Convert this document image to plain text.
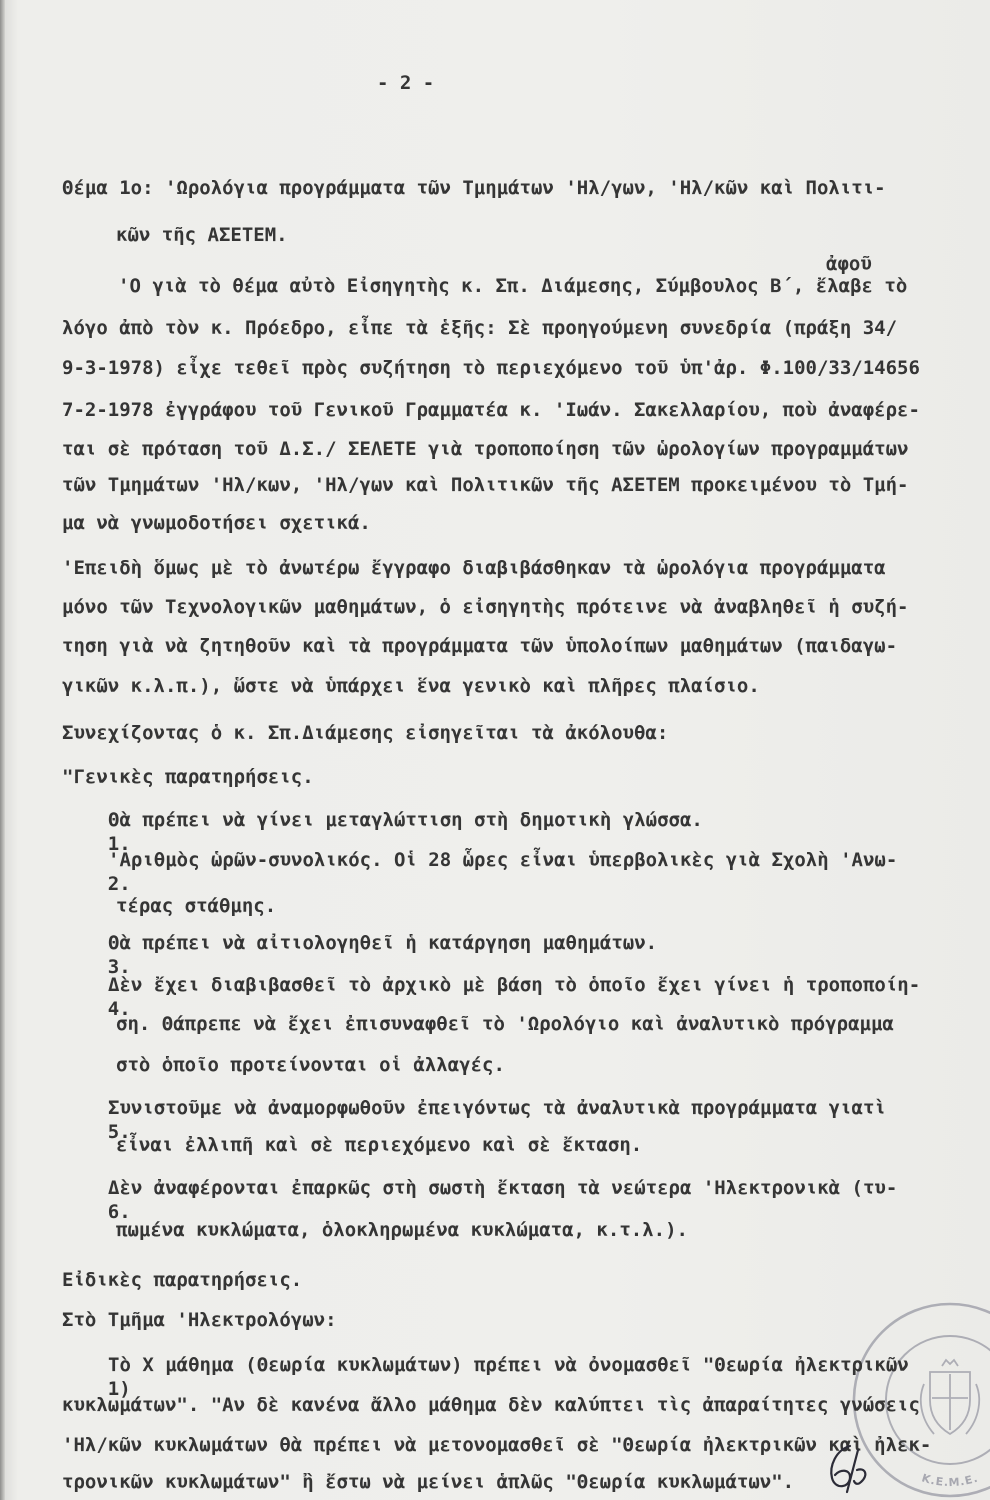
- 2 -
Θέμα 1ο: 'Ωρολόγια προγράμματα τῶν Τμημάτων 'Ηλ/γων, 'Ηλ/κῶν καὶ Πολιτι-
κῶν τῆς ΑΣΕΤΕΜ.
ἀφοῦ
'Ο γιὰ τὸ θέμα αὐτὸ Εἰσηγητὴς κ. Σπ. Διάμεσης, Σύμβουλος Β΄, ἔλαβε τὸ
λόγο ἀπὸ τὸν κ. Πρόεδρο, εἶπε τὰ ἑξῆς: Σὲ προηγούμενη συνεδρία (πράξη 34/
9-3-1978) εἶχε τεθεῖ πρὸς συζήτηση τὸ περιεχόμενο τοῦ ὑπ'ἀρ. Φ.100/33/14656
7-2-1978 ἐγγράφου τοῦ Γενικοῦ Γραμματέα κ. 'Ιωάν. Σακελλαρίου, ποὺ ἀναφέρε-
ται σὲ πρόταση τοῦ Δ.Σ./ ΣΕΛΕΤΕ γιὰ τροποποίηση τῶν ὡρολογίων προγραμμάτων
τῶν Τμημάτων 'Ηλ/κων, 'Ηλ/γων καὶ Πολιτικῶν τῆς ΑΣΕΤΕΜ προκειμένου τὸ Τμή-
μα νὰ γνωμοδοτήσει σχετικά.
'Επειδὴ ὅμως μὲ τὸ ἀνωτέρω ἔγγραφο διαβιβάσθηκαν τὰ ὡρολόγια προγράμματα
μόνο τῶν Τεχνολογικῶν μαθημάτων, ὁ εἰσηγητὴς πρότεινε νὰ ἀναβληθεῖ ἡ συζή-
τηση γιὰ νὰ ζητηθοῦν καὶ τὰ προγράμματα τῶν ὑπολοίπων μαθημάτων (παιδαγω-
γικῶν κ.λ.π.), ὥστε νὰ ὑπάρχει ἕνα γενικὸ καὶ πλῆρες πλαίσιο.
Συνεχίζοντας ὁ κ. Σπ.Διάμεσης εἰσηγεῖται τὰ ἀκόλουθα:
"Γενικὲς παρατηρήσεις.

1.
Θὰ πρέπει νὰ γίνει μεταγλώττιση στὴ δημοτικὴ γλώσσα.

2.
'Αριθμὸς ὡρῶν-συνολικός. Οἱ 28 ὧρες εἶναι ὑπερβολικὲς γιὰ Σχολὴ 'Ανω-

τέρας στάθμης.

3.
Θὰ πρέπει νὰ αἰτιολογηθεῖ ἡ κατάργηση μαθημάτων.

4.
Δὲν ἔχει διαβιβασθεῖ τὸ ἀρχικὸ μὲ βάση τὸ ὁποῖο ἔχει γίνει ἡ τροποποίη-

ση. Θάπρεπε νὰ ἔχει ἐπισυναφθεῖ τὸ 'Ωρολόγιο καὶ ἀναλυτικὸ πρόγραμμα
στὸ ὁποῖο προτείνονται οἱ ἀλλαγές.

5.
Συνιστοῦμε νὰ ἀναμορφωθοῦν ἐπειγόντως τὰ ἀναλυτικὰ προγράμματα γιατὶ

εἶναι ἐλλιπῆ καὶ σὲ περιεχόμενο καὶ σὲ ἔκταση.

6.
Δὲν ἀναφέρονται ἐπαρκῶς στὴ σωστὴ ἔκταση τὰ νεώτερα 'Ηλεκτρονικὰ (τυ-

πωμένα κυκλώματα, ὁλοκληρωμένα κυκλώματα, κ.τ.λ.).
Εἰδικὲς παρατηρήσεις.
Στὸ Τμῆμα 'Ηλεκτρολόγων:

1)
Τὸ Χ μάθημα (Θεωρία κυκλωμάτων) πρέπει νὰ ὀνομασθεῖ "Θεωρία ἠλεκτρικῶν

κυκλωμάτων". "Αν δὲ κανένα ἄλλο μάθημα δὲν καλύπτει τὶς ἀπαραίτητες γνώσεις
'Ηλ/κῶν κυκλωμάτων θὰ πρέπει νὰ μετονομασθεῖ σὲ "Θεωρία ἠλεκτρικῶν καὶ ἠλεκ-
τρονικῶν κυκλωμάτων" ἢ ἔστω νὰ μείνει ἁπλῶς "Θεωρία κυκλωμάτων".	Κ.Ε.Μ.Ε.
